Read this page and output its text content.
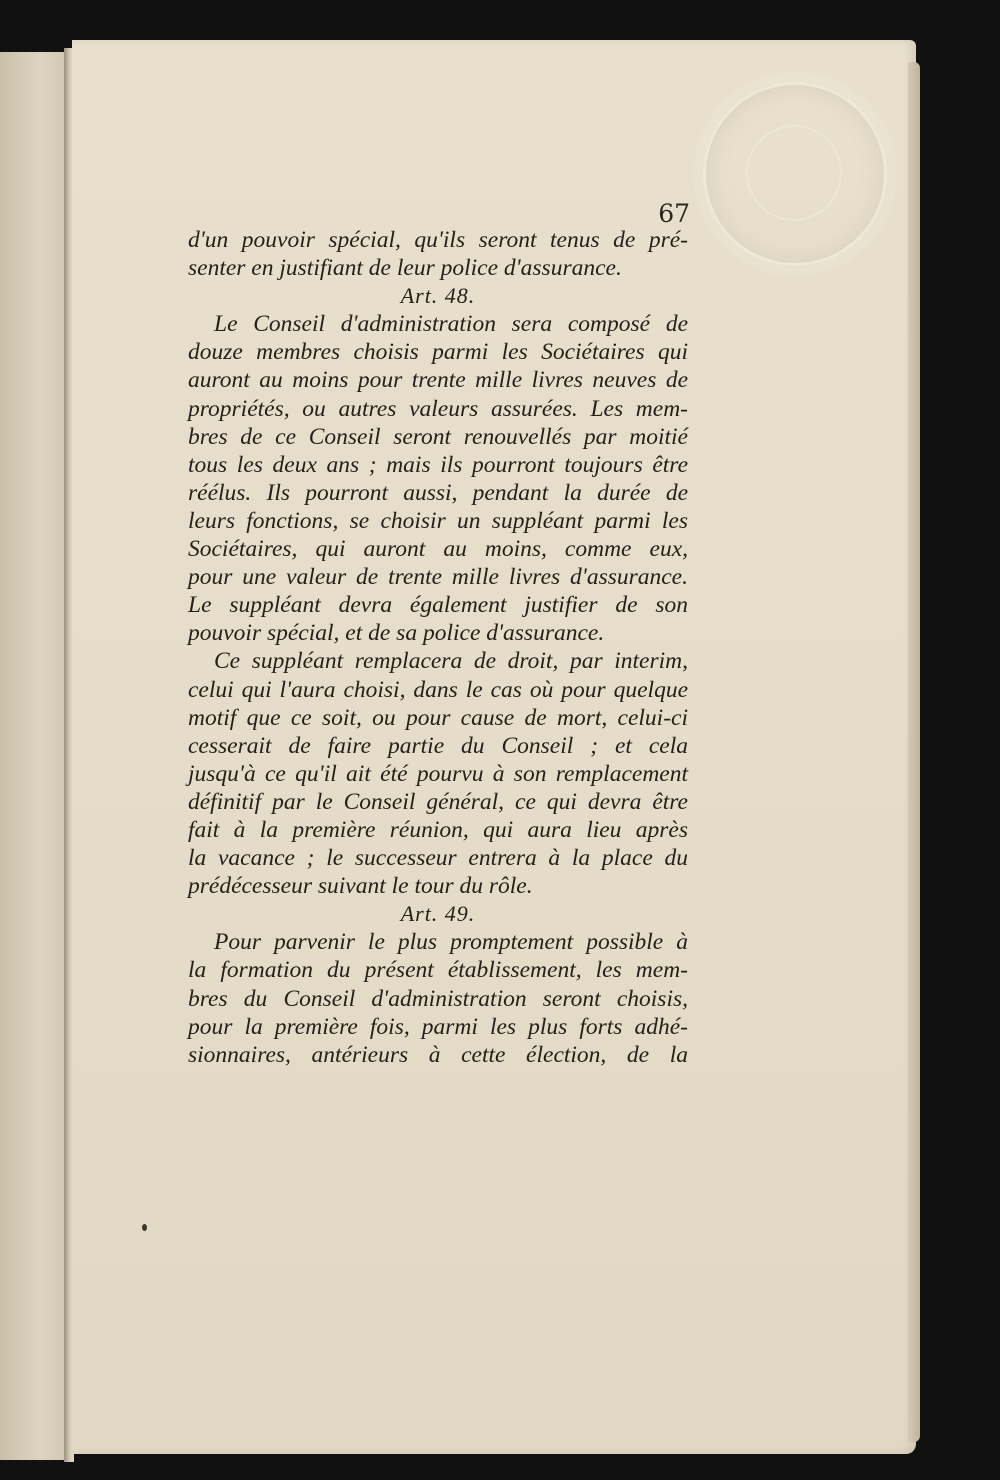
67
d'un pouvoir spécial, qu'ils seront tenus de pré-
senter en justifiant de leur police d'assurance.
Art. 48.
Le Conseil d'administration sera composé de
douze membres choisis parmi les Sociétaires qui
auront au moins pour trente mille livres neuves de
propriétés, ou autres valeurs assurées. Les mem-
bres de ce Conseil seront renouvellés par moitié
tous les deux ans ; mais ils pourront toujours être
réélus. Ils pourront aussi, pendant la durée de
leurs fonctions, se choisir un suppléant parmi les
Sociétaires, qui auront au moins, comme eux,
pour une valeur de trente mille livres d'assurance.
Le suppléant devra également justifier de son
pouvoir spécial, et de sa police d'assurance.
Ce suppléant remplacera de droit, par interim,
celui qui l'aura choisi, dans le cas où pour quelque
motif que ce soit, ou pour cause de mort, celui-ci
cesserait de faire partie du Conseil ; et cela
jusqu'à ce qu'il ait été pourvu à son remplacement
définitif par le Conseil général, ce qui devra être
fait à la première réunion, qui aura lieu après
la vacance ; le successeur entrera à la place du
prédécesseur suivant le tour du rôle.
Art. 49.
Pour parvenir le plus promptement possible à
la formation du présent établissement, les mem-
bres du Conseil d'administration seront choisis,
pour la première fois, parmi les plus forts adhé-
sionnaires, antérieurs à cette élection, de la
